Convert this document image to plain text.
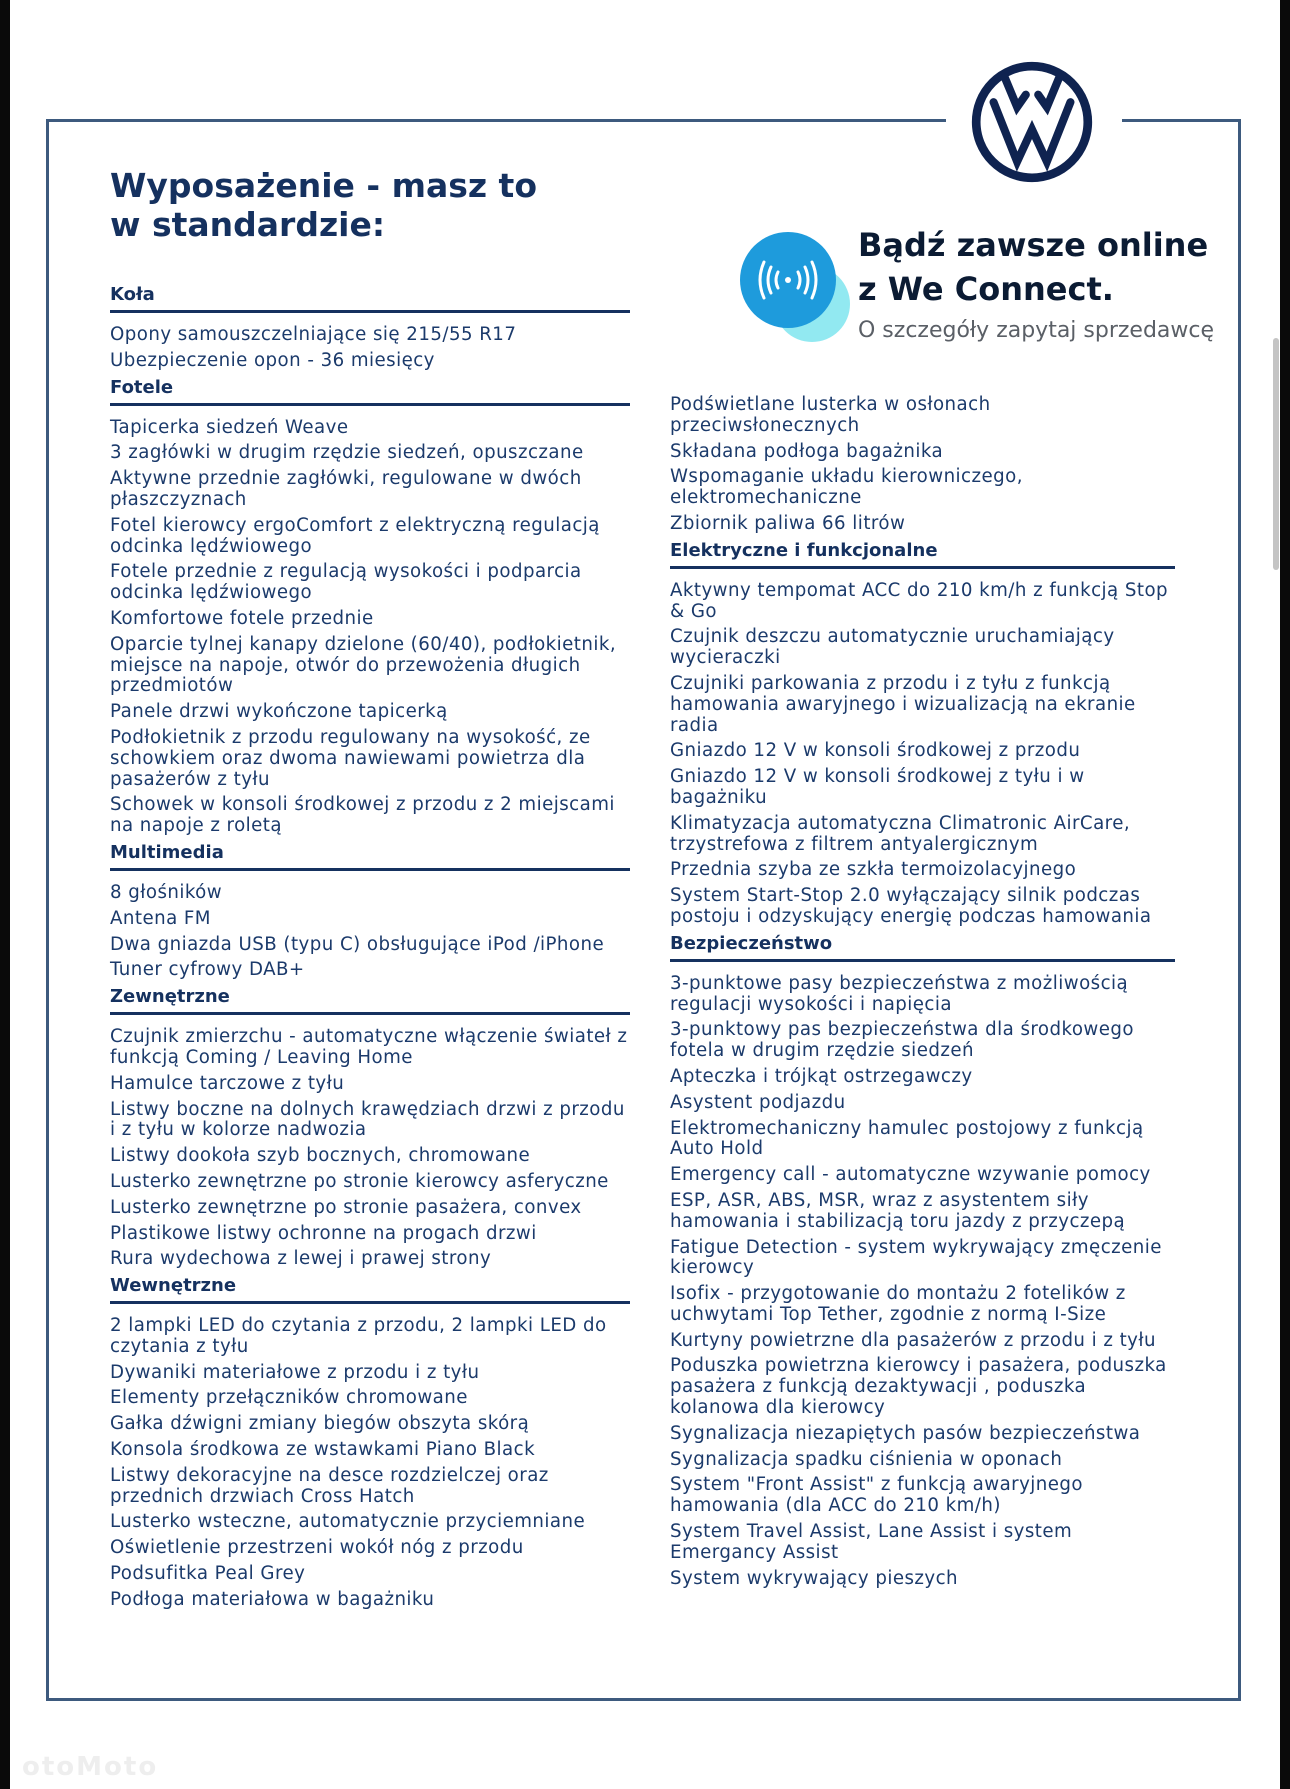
Wyposażenie - masz to
w standardzie:
Bądź zawsze online
z We Connect.
O szczegóły zapytaj sprzedawcę
Koła
Opony samouszczelniające się 215/55 R17
Ubezpieczenie opon - 36 miesięcy
Fotele
Tapicerka siedzeń Weave
3 zagłówki w drugim rzędzie siedzeń, opuszczane
Aktywne przednie zagłówki, regulowane w dwóch płaszczyznach
Fotel kierowcy ergoComfort z elektryczną regulacją odcinka lędźwiowego
Fotele przednie z regulacją wysokości i podparcia odcinka lędźwiowego
Komfortowe fotele przednie
Oparcie tylnej kanapy dzielone (60/40), podłokietnik, miejsce na napoje, otwór do przewożenia długich przedmiotów
Panele drzwi wykończone tapicerką
Podłokietnik z przodu regulowany na wysokość, ze schowkiem oraz dwoma nawiewami powietrza dla pasażerów z tyłu
Schowek w konsoli środkowej z przodu z 2 miejscami na napoje z roletą
Multimedia
8 głośników
Antena FM
Dwa gniazda USB (typu C) obsługujące iPod /iPhone
Tuner cyfrowy DAB+
Zewnętrzne
Czujnik zmierzchu - automatyczne włączenie świateł z funkcją Coming / Leaving Home
Hamulce tarczowe z tyłu
Listwy boczne na dolnych krawędziach drzwi z przodu i z tyłu w kolorze nadwozia
Listwy dookoła szyb bocznych, chromowane
Lusterko zewnętrzne po stronie kierowcy asferyczne
Lusterko zewnętrzne po stronie pasażera, convex
Plastikowe listwy ochronne na progach drzwi
Rura wydechowa z lewej i prawej strony
Wewnętrzne
2 lampki LED do czytania z przodu, 2 lampki LED do czytania z tyłu
Dywaniki materiałowe z przodu i z tyłu
Elementy przełączników chromowane
Gałka dźwigni zmiany biegów obszyta skórą
Konsola środkowa ze wstawkami Piano Black
Listwy dekoracyjne na desce rozdzielczej oraz przednich drzwiach Cross Hatch
Lusterko wsteczne, automatycznie przyciemniane
Oświetlenie przestrzeni wokół nóg z przodu
Podsufitka Peal Grey
Podłoga materiałowa w bagażniku
Podświetlane lusterka w osłonach przeciwsłonecznych
Składana podłoga bagażnika
Wspomaganie układu kierowniczego, elektromechaniczne
Zbiornik paliwa 66 litrów
Elektryczne i funkcjonalne
Aktywny tempomat ACC do 210 km/h z funkcją Stop & Go
Czujnik deszczu automatycznie uruchamiający wycieraczki
Czujniki parkowania z przodu i z tyłu z funkcją hamowania awaryjnego i wizualizacją na ekranie radia
Gniazdo 12 V w konsoli środkowej z przodu
Gniazdo 12 V w konsoli środkowej z tyłu i w bagażniku
Klimatyzacja automatyczna Climatronic AirCare, trzystrefowa z filtrem antyalergicznym
Przednia szyba ze szkła termoizolacyjnego
System Start-Stop 2.0 wyłączający silnik podczas postoju i odzyskujący energię podczas hamowania
Bezpieczeństwo
3-punktowe pasy bezpieczeństwa z możliwością regulacji wysokości i napięcia
3-punktowy pas bezpieczeństwa dla środkowego fotela w drugim rzędzie siedzeń
Apteczka i trójkąt ostrzegawczy
Asystent podjazdu
Elektromechaniczny hamulec postojowy z funkcją Auto Hold
Emergency call - automatyczne wzywanie pomocy
ESP, ASR, ABS, MSR, wraz z asystentem siły hamowania i stabilizacją toru jazdy z przyczepą
Fatigue Detection - system wykrywający zmęczenie kierowcy
Isofix - przygotowanie do montażu 2 fotelików z uchwytami Top Tether, zgodnie z normą I-Size
Kurtyny powietrzne dla pasażerów z przodu i z tyłu
Poduszka powietrzna kierowcy i pasażera, poduszka pasażera z funkcją dezaktywacji , poduszka kolanowa dla kierowcy
Sygnalizacja niezapiętych pasów bezpieczeństwa
Sygnalizacja spadku ciśnienia w oponach
System "Front Assist" z funkcją awaryjnego hamowania (dla ACC do 210 km/h)
System Travel Assist, Lane Assist i system Emergancy Assist
System wykrywający pieszych
otoMoto
